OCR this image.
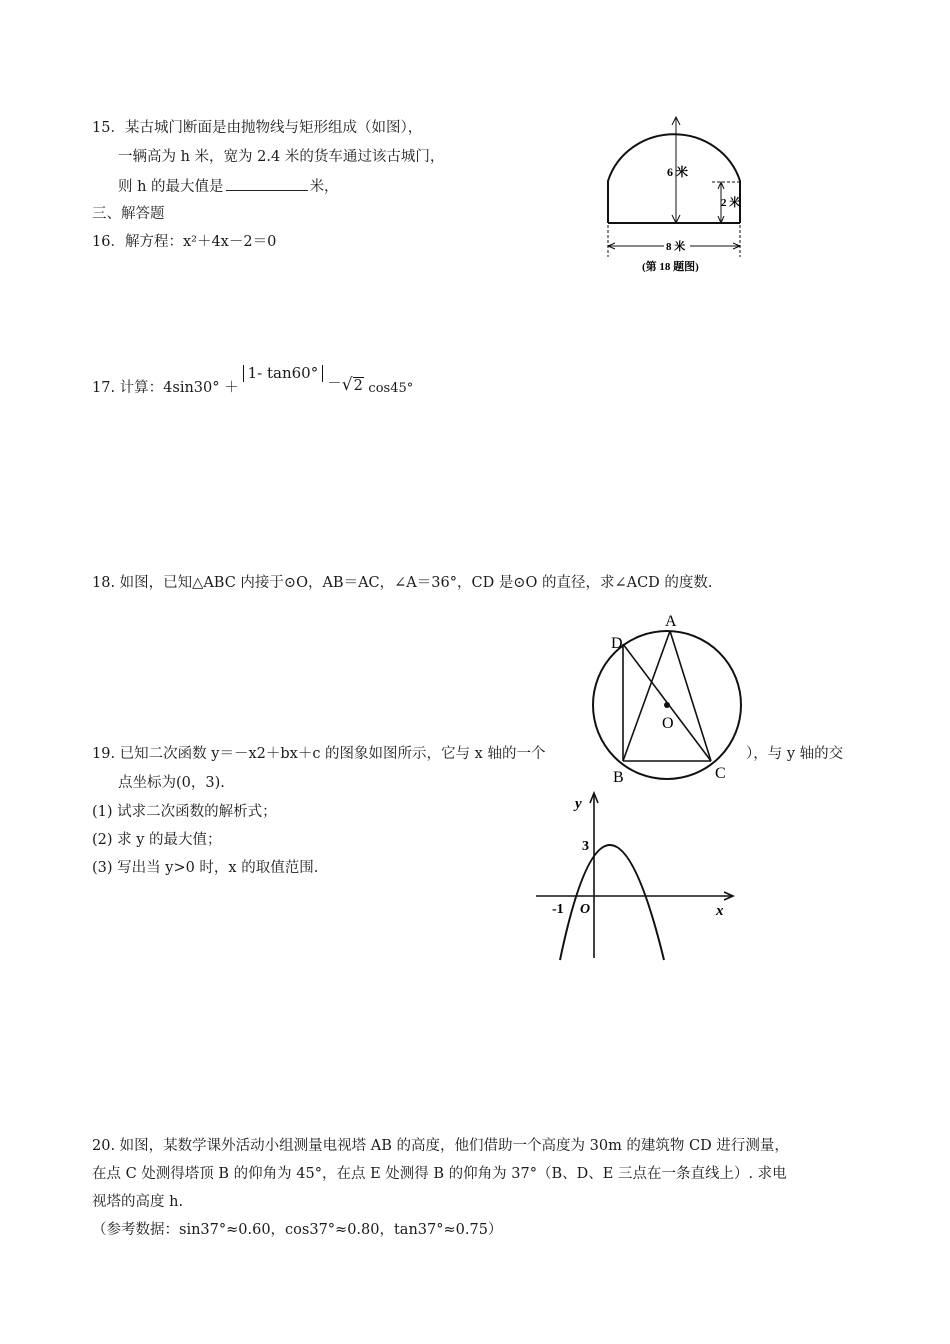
15．某古城门断面是由抛物线与矩形组成（如图），
一辆高为 h 米，宽为 2.4 米的货车通过该古城门，
则 h 的最大值是	米，
三、解答题
16．解方程：x²＋4x－2＝0
6 米
2 米
8 米
(第 18 题图)
17. 计算：4sin30° ＋1- tan60°－√2 cos45°
18. 如图，已知△ABC 内接于⊙O，AB＝AC，∠A＝36°，CD 是⊙O 的直径，求∠ACD 的度数.
A
D
O
B	C
19. 已知二次函数 y＝－x2＋bx＋c 的图象如图所示，它与 x 轴的一个	），与 y 轴的交
点坐标为(0，3).
(1) 试求二次函数的解析式；
(2) 求 y 的最大值；
(3) 写出当 y>0 时，x 的取值范围.
y
x
O
-1
3
20. 如图，某数学课外活动小组测量电视塔 AB 的高度，他们借助一个高度为 30m 的建筑物 CD 进行测量，
在点 C 处测得塔顶 B 的仰角为 45°，在点 E 处测得 B 的仰角为 37°（B、D、E 三点在一条直线上）. 求电
视塔的高度 h.
（参考数据：sin37°≈0.60，cos37°≈0.80，tan37°≈0.75）
